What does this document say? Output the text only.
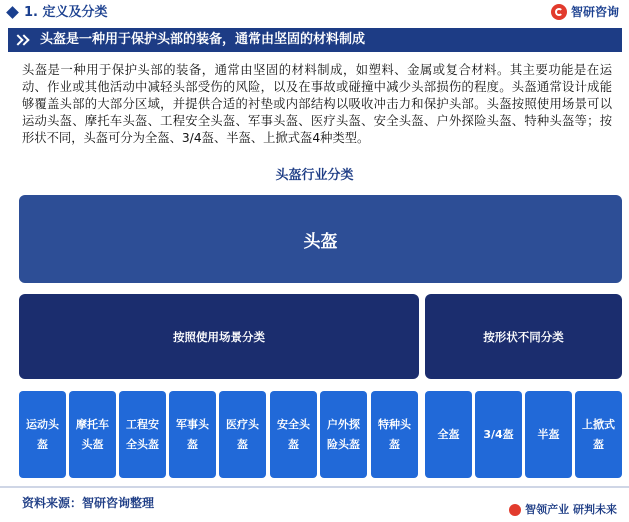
1. 定义及分类	智研咨询
头盔是一种用于保护头部的装备，通常由坚固的材料制成
头盔是一种用于保护头部的装备，通常由坚固的材料制成，如塑料、金属或复合材料。其主要功能是在运动、作业或其他活动中减轻头部受伤的风险，以及在事故或碰撞中减少头部损伤的程度。头盔通常设计成能够覆盖头部的大部分区域，并提供合适的衬垫或内部结构以吸收冲击力和保护头部。头盔按照使用场景可以运动头盔、摩托车头盔、工程安全头盔、军事头盔、医疗头盔、安全头盔、户外探险头盔、特种头盔等；按形状不同，头盔可分为全盔、3/4盔、半盔、上掀式盔4种类型。
头盔行业分类
头盔
按照使用场景分类	按形状不同分类
运动头盔
摩托车头盔
工程安全头盔
军事头盔
医疗头盔
安全头盔
户外探险头盔
特种头盔
全盔	3/4盔	半盔
上掀式盔
资料来源：智研咨询整理	智领产业 研判未来
